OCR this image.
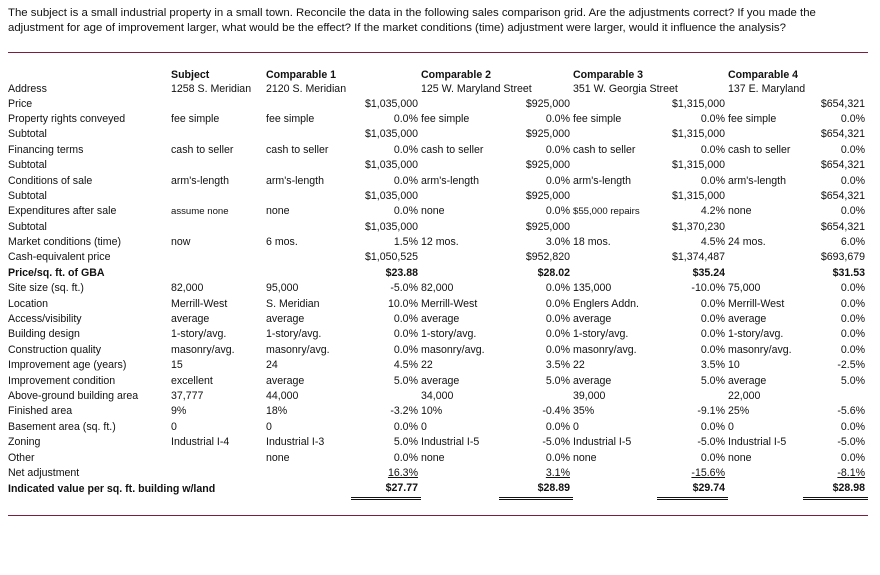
The subject is a small industrial property in a small town. Reconcile the data in the following sales comparison grid. Are the adjustments correct? If you made the adjustment for age of improvement larger, what would be the effect? If the market conditions (time) adjustment were larger, would it influence the analysis?

	Subject	Comparable 1		Comparable 2		Comparable 3		Comparable 4	
Address	1258 S. Meridian	2120 S. Meridian		125 W. Maryland Street		351 W. Georgia Street		137 E. Maryland	
Price			$1,035,000		$925,000		$1,315,000		$654,321
Property rights conveyed	fee simple	fee simple	0.0%	fee simple	0.0%	fee simple	0.0%	fee simple	0.0%
Subtotal			$1,035,000		$925,000		$1,315,000		$654,321
Financing terms	cash to seller	cash to seller	0.0%	cash to seller	0.0%	cash to seller	0.0%	cash to seller	0.0%
Subtotal			$1,035,000		$925,000		$1,315,000		$654,321
Conditions of sale	arm's-length	arm's-length	0.0%	arm's-length	0.0%	arm's-length	0.0%	arm's-length	0.0%
Subtotal			$1,035,000		$925,000		$1,315,000		$654,321
Expenditures after sale	assume none	none	0.0%	none	0.0%	$55,000 repairs	4.2%	none	0.0%
Subtotal			$1,035,000		$925,000		$1,370,230		$654,321
Market conditions (time)	now	6 mos.	1.5%	12 mos.	3.0%	18 mos.	4.5%	24 mos.	6.0%
Cash-equivalent price			$1,050,525		$952,820		$1,374,487		$693,679
Price/sq. ft. of GBA			$23.88		$28.02		$35.24		$31.53
Site size (sq. ft.)	82,000	95,000	-5.0%	82,000	0.0%	135,000	-10.0%	75,000	0.0%
Location	Merrill-West	S. Meridian	10.0%	Merrill-West	0.0%	Englers Addn.	0.0%	Merrill-West	0.0%
Access/visibility	average	average	0.0%	average	0.0%	average	0.0%	average	0.0%
Building design	1-story/avg.	1-story/avg.	0.0%	1-story/avg.	0.0%	1-story/avg.	0.0%	1-story/avg.	0.0%
Construction quality	masonry/avg.	masonry/avg.	0.0%	masonry/avg.	0.0%	masonry/avg.	0.0%	masonry/avg.	0.0%
Improvement age (years)	15	24	4.5%	22	3.5%	22	3.5%	10	-2.5%
Improvement condition	excellent	average	5.0%	average	5.0%	average	5.0%	average	5.0%
Above-ground building area	37,777	44,000		34,000		39,000		22,000	
Finished area	9%	18%	-3.2%	10%	-0.4%	35%	-9.1%	25%	-5.6%
Basement area (sq. ft.)	0	0	0.0%	0	0.0%	0	0.0%	0	0.0%
Zoning	Industrial I-4	Industrial I-3	5.0%	Industrial I-5	-5.0%	Industrial I-5	-5.0%	Industrial I-5	-5.0%
Other		none	0.0%	none	0.0%	none	0.0%	none	0.0%
Net adjustment			16.3%		3.1%		-15.6%		-8.1%
Indicated value per sq. ft. building w/land			$27.77		$28.89		$29.74		$28.98
